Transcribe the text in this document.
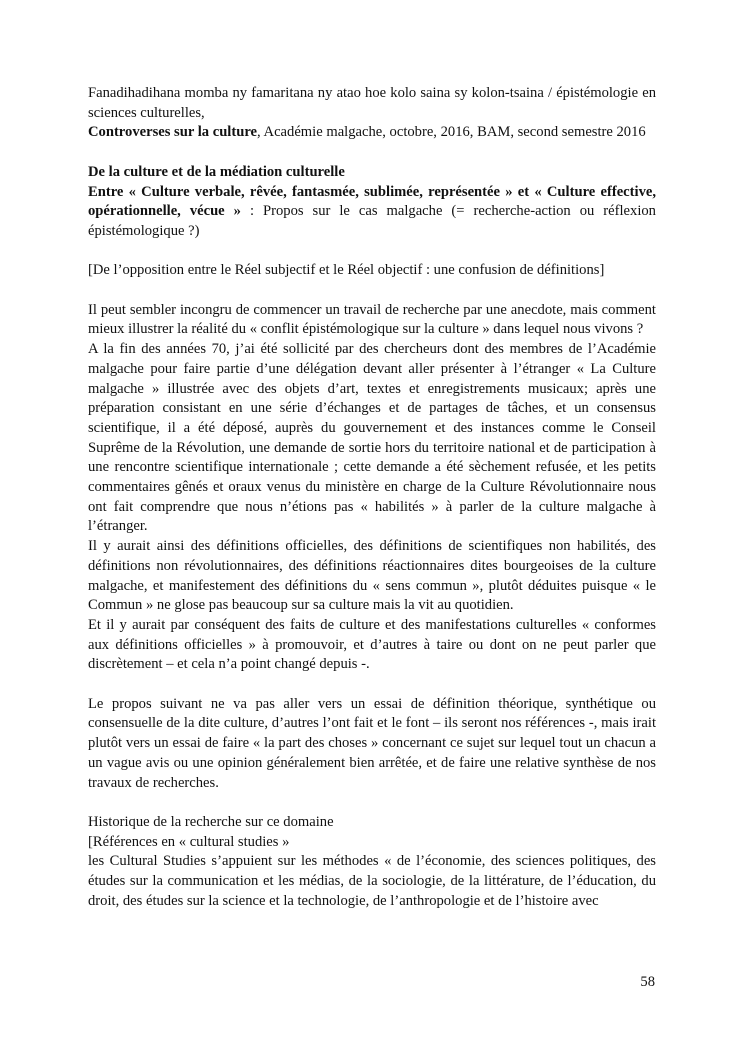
Fanadihadihana momba ny famaritana ny atao hoe kolo saina sy kolon-tsaina / épistémologie en sciences culturelles,

Controverses sur la culture, Académie malgache, octobre, 2016, BAM, second semestre 2016

De la culture et de la médiation culturelle

Entre « Culture verbale, rêvée, fantasmée, sublimée, représentée » et « Culture effective, opérationnelle, vécue » : Propos sur le cas malgache (= recherche-action ou réflexion épistémologique ?)

[De l’opposition entre le Réel subjectif et le Réel objectif : une confusion de définitions]

Il peut sembler incongru de commencer un travail de recherche par une anecdote, mais comment mieux illustrer la réalité du « conflit épistémologique sur la culture » dans lequel nous vivons ?

A la fin des années 70, j’ai été sollicité par des chercheurs dont des membres de l’Académie malgache pour faire partie d’une délégation devant aller présenter à l’étranger « La Culture malgache » illustrée avec des objets d’art, textes et enregistrements musicaux; après une préparation consistant en une série d’échanges et de partages de tâches, et un consensus scientifique, il a été déposé, auprès du gouvernement et des instances comme le Conseil Suprême de la Révolution, une demande de sortie hors du territoire national et de participation à une rencontre scientifique internationale ; cette demande a été sèchement refusée, et les petits commentaires gênés et oraux venus du ministère en charge de la Culture Révolutionnaire nous ont fait comprendre que nous n’étions pas « habilités » à parler de la culture malgache à l’étranger.

Il y aurait ainsi des définitions officielles, des définitions de scientifiques non habilités, des définitions non révolutionnaires, des définitions réactionnaires dites bourgeoises de la culture malgache, et manifestement des définitions du « sens commun », plutôt déduites puisque « le Commun » ne glose pas beaucoup sur sa culture mais la vit au quotidien.

Et il y aurait par conséquent des faits de culture et des manifestations culturelles « conformes aux définitions officielles » à promouvoir, et d’autres à taire ou dont on ne peut parler que discrètement – et cela n’a point changé depuis -.

Le propos suivant ne va pas aller vers un essai de définition théorique, synthétique ou consensuelle de la dite culture, d’autres l’ont fait et le font – ils seront nos références -, mais irait plutôt vers un essai de faire « la part des choses » concernant ce sujet sur lequel tout un chacun a un vague avis ou une opinion généralement bien arrêtée, et de faire une relative synthèse de nos travaux de recherches.

Historique de la recherche sur ce domaine

[Références en « cultural studies »

les Cultural Studies s’appuient sur les méthodes « de l’économie, des sciences politiques, des études sur la communication et les médias, de la sociologie, de la littérature, de l’éducation, du droit, des études sur la science et la technologie, de l’anthropologie et de l’histoire avec

58
